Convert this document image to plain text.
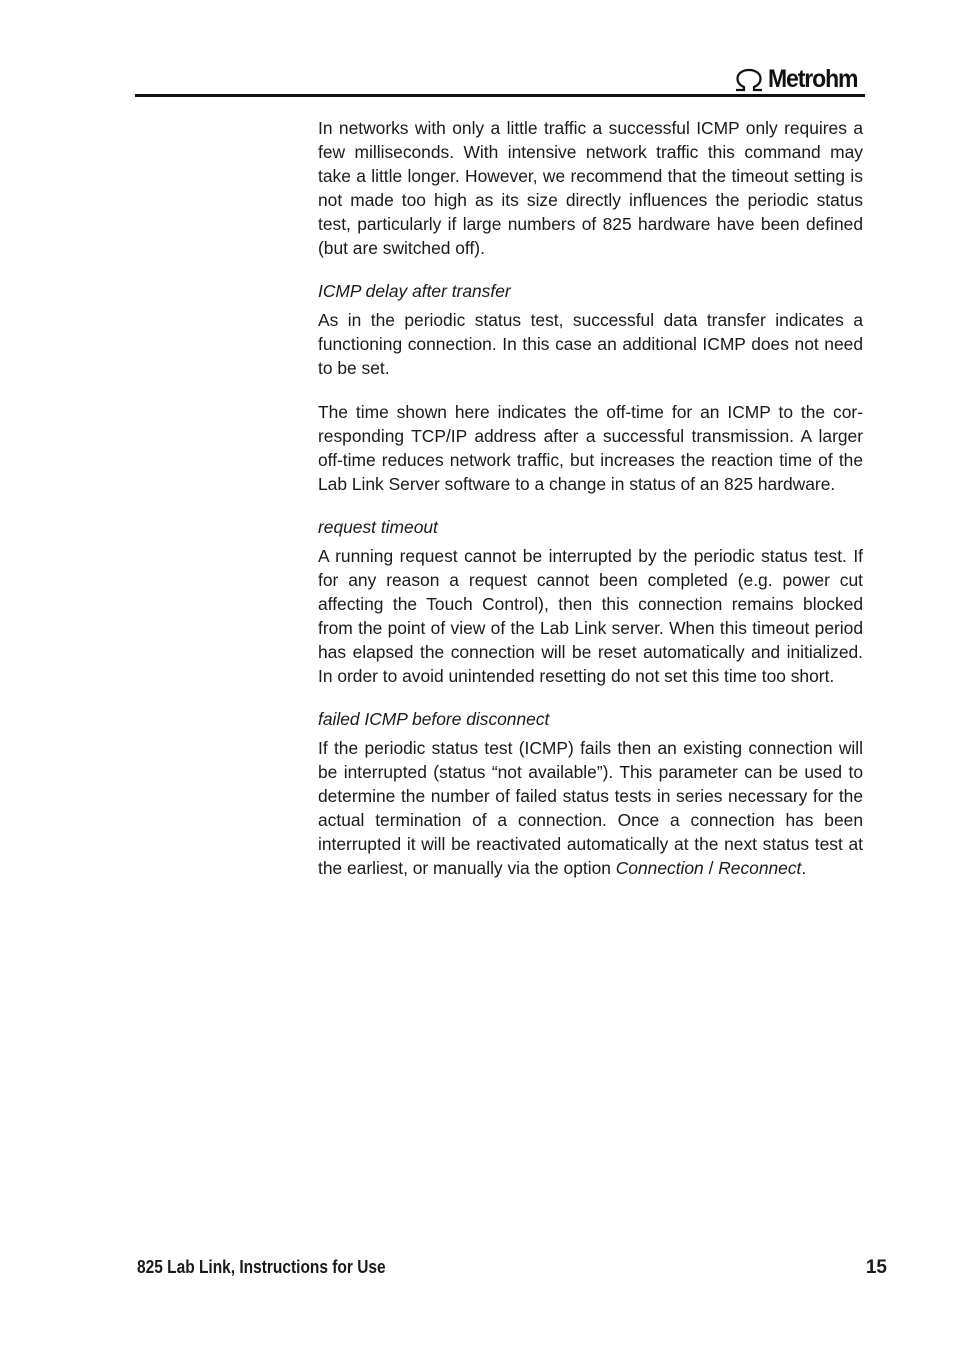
Metrohm

In networks with only a little traffic a successful ICMP only requires a few milliseconds. With intensive network traffic this command may take a little longer. However, we recommend that the timeout setting is not made too high as its size directly influences the periodic status test, particularly if large numbers of 825 hardware have been defined (but are switched off).

ICMP delay after transfer

As in the periodic status test, successful data transfer indicates a functioning connection. In this case an additional ICMP does not need to be set.

The time shown here indicates the off-time for an ICMP to the corresponding TCP/IP address after a successful transmission. A larger off-time reduces network traffic, but increases the reaction time of the Lab Link Server software to a change in status of an 825 hardware.

request timeout

A running request cannot be interrupted by the periodic status test. If for any reason a request cannot been completed (e.g. power cut affecting the Touch Control), then this connection remains blocked from the point of view of the Lab Link server. When this timeout period has elapsed the connection will be reset automatically and initialized. In order to avoid unintended resetting do not set this time too short.

failed ICMP before disconnect

If the periodic status test (ICMP) fails then an existing connection will be interrupted (status “not available”). This parameter can be used to determine the number of failed status tests in series necessary for the actual termination of a connection. Once a connection has been interrupted it will be reactivated automatically at the next status test at the earliest, or manually via the option Connection / Reconnect.

825 Lab Link, Instructions for Use	15
